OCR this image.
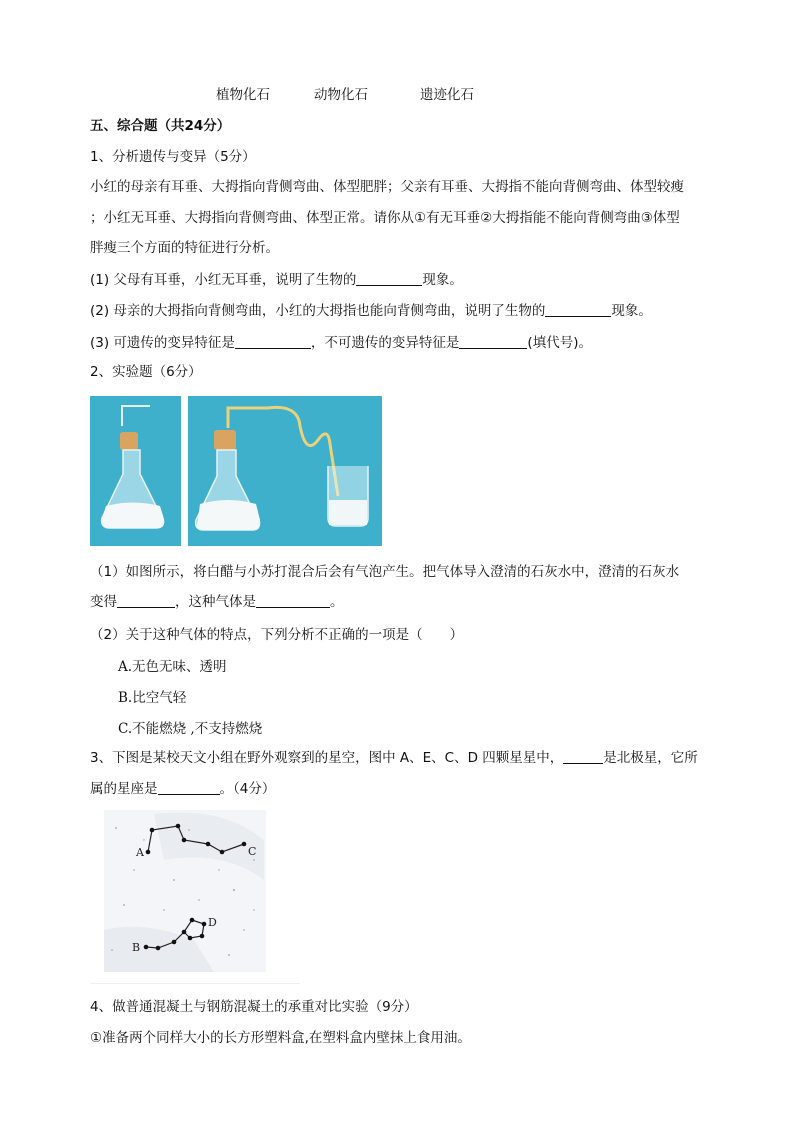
植物化石	动物化石	遗迹化石
五、综合题（共24分）
1、分析遗传与变异（5分）
小红的母亲有耳垂、大拇指向背侧弯曲、体型肥胖；父亲有耳垂、大拇指不能向背侧弯曲、体型较瘦
；小红无耳垂、大拇指向背侧弯曲、体型正常。请你从①有无耳垂②大拇指能不能向背侧弯曲③体型
胖瘦三个方面的特征进行分析。
(1) 父母有耳垂，小红无耳垂，说明了生物的	现象。
(2) 母亲的大拇指向背侧弯曲，小红的大拇指也能向背侧弯曲，说明了生物的	现象。
(3) 可遗传的变异特征是	，不可遗传的变异特征是	(填代号)。
2、实验题（6分）
（1）如图所示，将白醋与小苏打混合后会有气泡产生。把气体导入澄清的石灰水中，澄清的石灰水
变得	，这种气体是	。
（2）关于这种气体的特点，下列分析不正确的一项是（　　）
A.无色无味、透明
B.比空气轻
C.不能燃烧 ,不支持燃烧
3、下图是某校天文小组在野外观察到的星空，图中 A、E、C、D 四颗星星中，	是北极星，它所
属的星座是	。（4分）
A	C
D
B
4、做普通混凝土与钢筋混凝土的承重对比实验（9分）
①准备两个同样大小的长方形塑料盒,在塑料盒内壁抹上食用油。
